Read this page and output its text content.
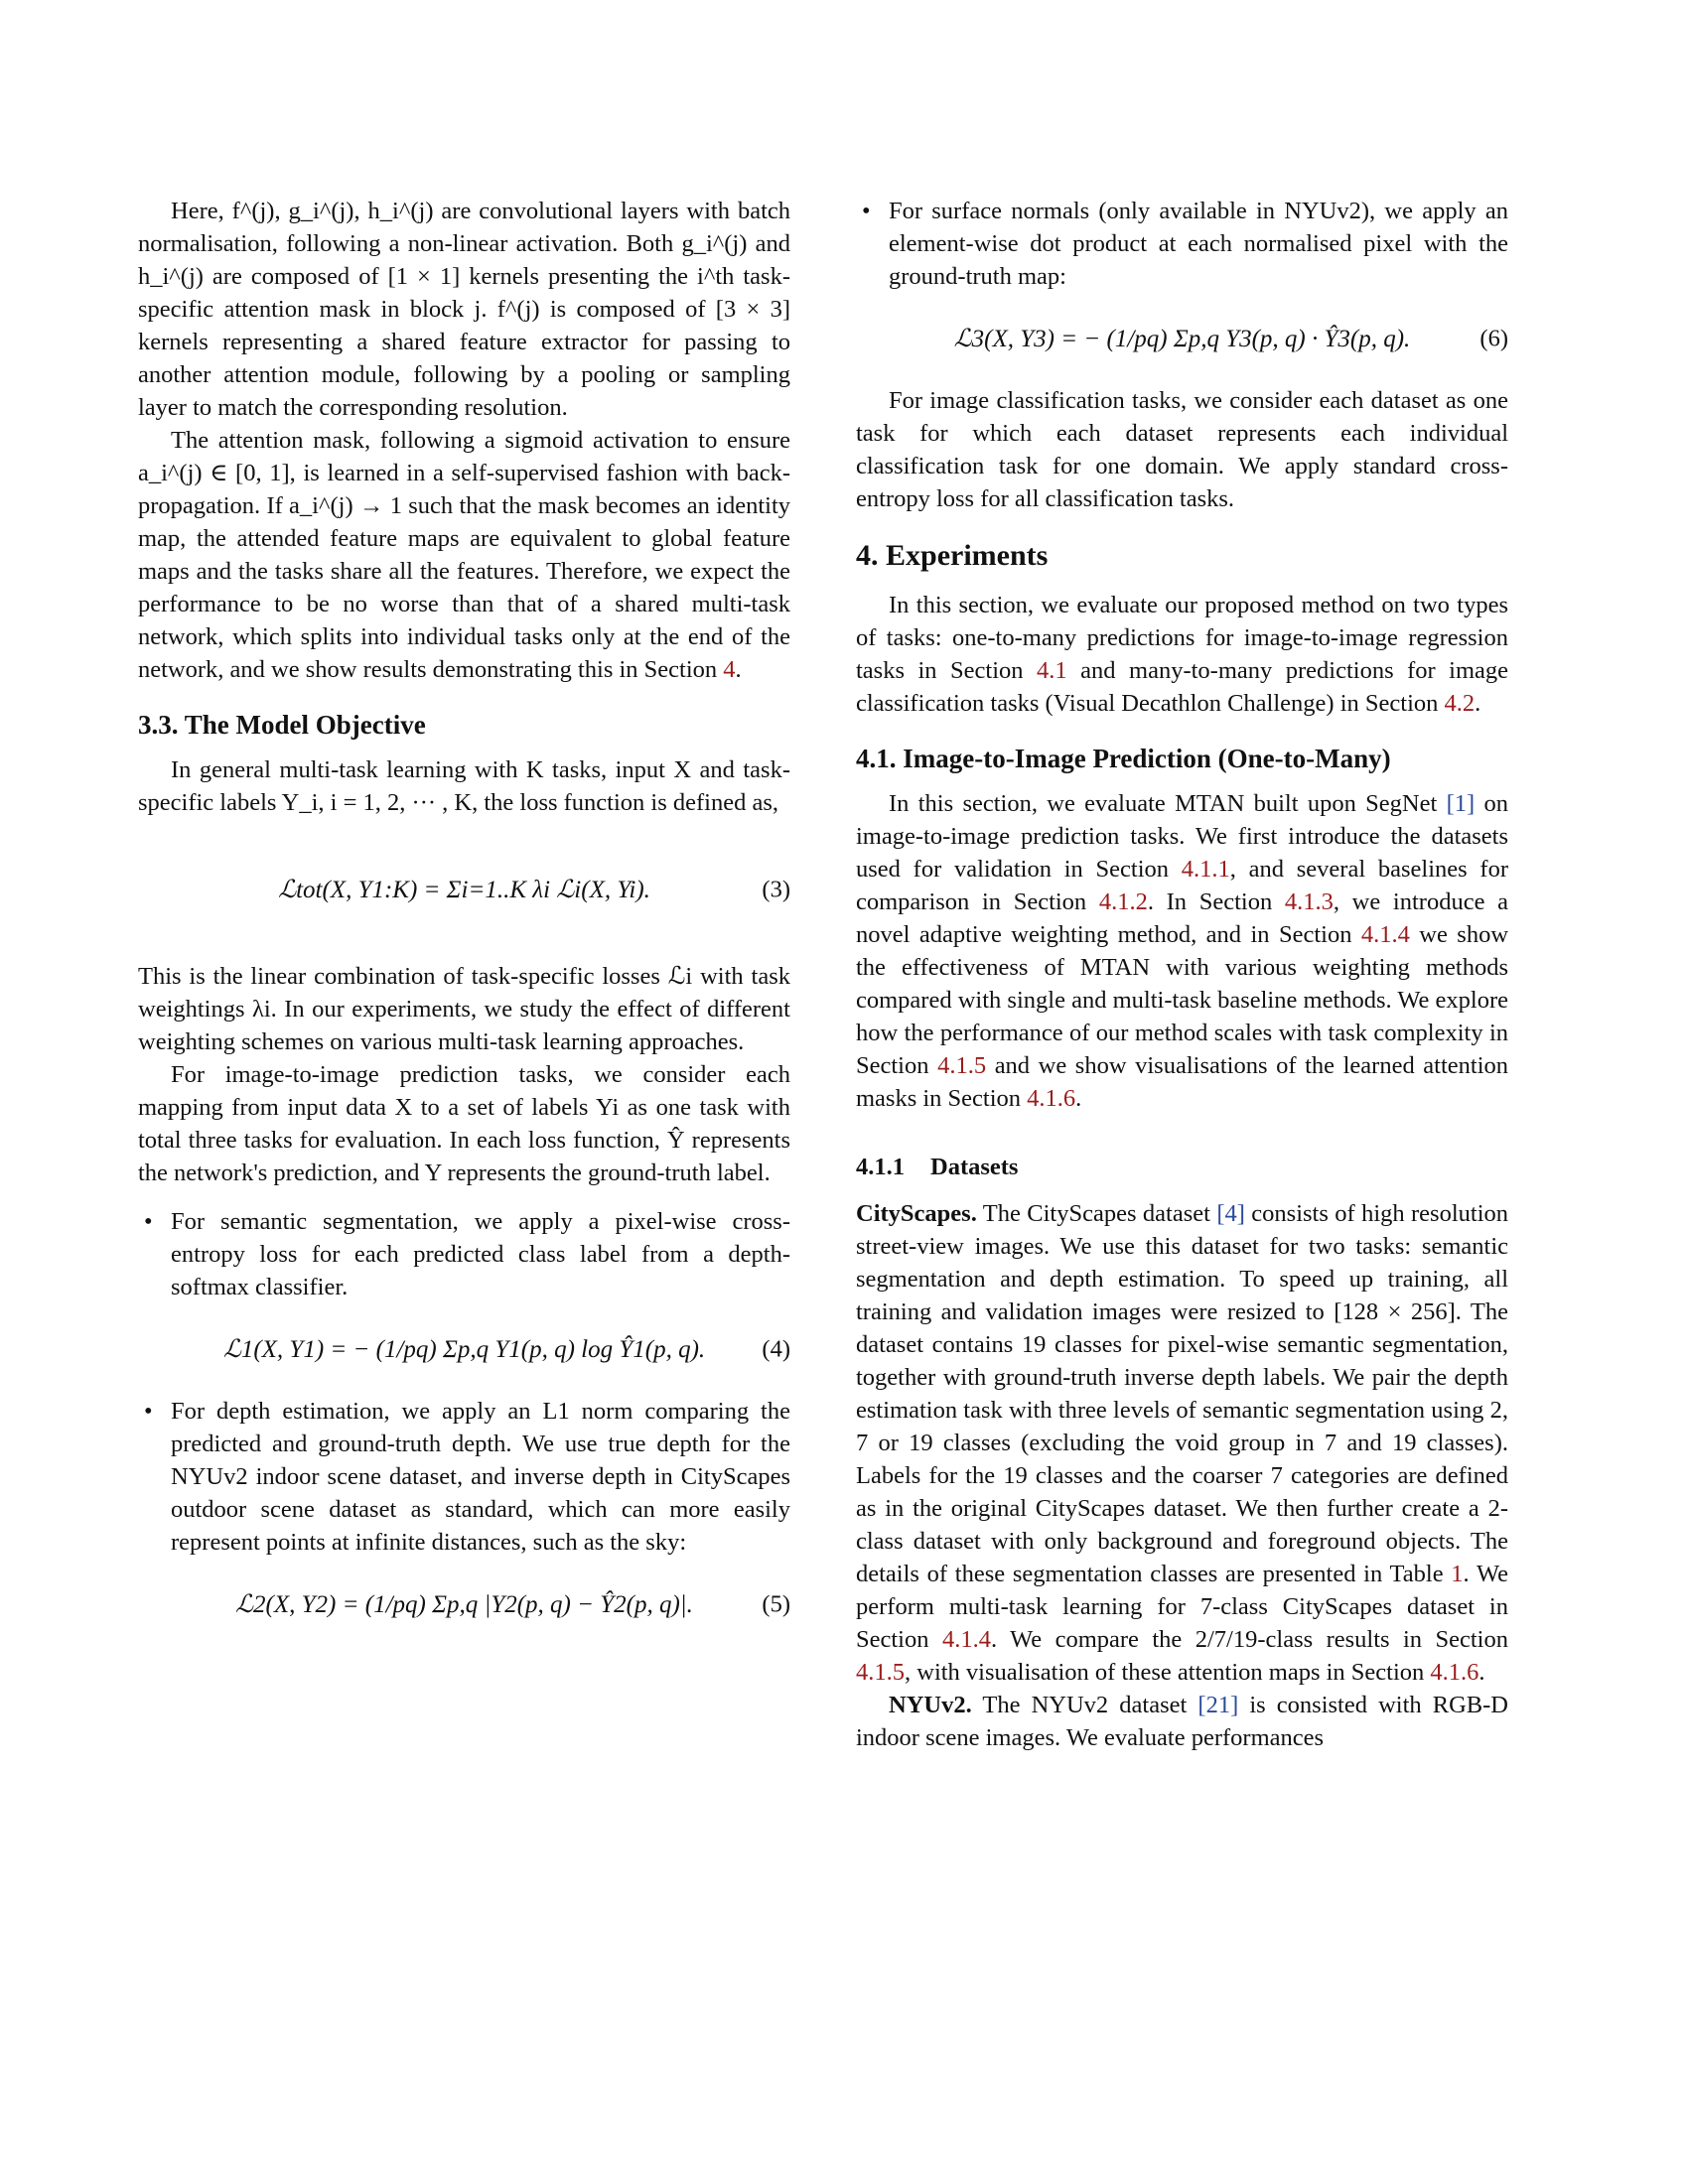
Here, f^(j), g_i^(j), h_i^(j) are convolutional layers with batch normalisation, following a non-linear activation. Both g_i^(j) and h_i^(j) are composed of [1 × 1] kernels presenting the i^th task-specific attention mask in block j. f^(j) is composed of [3 × 3] kernels representing a shared feature extractor for passing to another attention module, following by a pooling or sampling layer to match the corresponding resolution.

The attention mask, following a sigmoid activation to ensure a_i^(j) ∈ [0, 1], is learned in a self-supervised fashion with back-propagation. If a_i^(j) → 1 such that the mask becomes an identity map, the attended feature maps are equivalent to global feature maps and the tasks share all the features. Therefore, we expect the performance to be no worse than that of a shared multi-task network, which splits into individual tasks only at the end of the network, and we show results demonstrating this in Section 4.

3.3. The Model Objective

In general multi-task learning with K tasks, input X and task-specific labels Y_i, i = 1, 2, ··· , K, the loss function is defined as,

ℒtot(X, Y1:K) = Σi=1..K λi ℒi(X, Yi).	(3)

This is the linear combination of task-specific losses ℒi with task weightings λi. In our experiments, we study the effect of different weighting schemes on various multi-task learning approaches.

For image-to-image prediction tasks, we consider each mapping from input data X to a set of labels Yi as one task with total three tasks for evaluation. In each loss function, Ŷ represents the network's prediction, and Y represents the ground-truth label.

• For semantic segmentation, we apply a pixel-wise cross-entropy loss for each predicted class label from a depth-softmax classifier.
ℒ1(X, Y1) = − (1/pq) Σp,q Y1(p, q) log Ŷ1(p, q). (4)
• For depth estimation, we apply an L1 norm comparing the predicted and ground-truth depth. We use true depth for the NYUv2 indoor scene dataset, and inverse depth in CityScapes outdoor scene dataset as standard, which can more easily represent points at infinite distances, such as the sky:
ℒ2(X, Y2) = (1/pq) Σp,q |Y2(p, q) − Ŷ2(p, q)|.	(5)
• For surface normals (only available in NYUv2), we apply an element-wise dot product at each normalised pixel with the ground-truth map:
ℒ3(X, Y3) = − (1/pq) Σp,q Y3(p, q) · Ŷ3(p, q).	(6)

For image classification tasks, we consider each dataset as one task for which each dataset represents each individual classification task for one domain. We apply standard cross-entropy loss for all classification tasks.

4. Experiments

In this section, we evaluate our proposed method on two types of tasks: one-to-many predictions for image-to-image regression tasks in Section 4.1 and many-to-many predictions for image classification tasks (Visual Decathlon Challenge) in Section 4.2.

4.1. Image-to-Image Prediction (One-to-Many)

In this section, we evaluate MTAN built upon SegNet [1] on image-to-image prediction tasks. We first introduce the datasets used for validation in Section 4.1.1, and several baselines for comparison in Section 4.1.2. In Section 4.1.3, we introduce a novel adaptive weighting method, and in Section 4.1.4 we show the effectiveness of MTAN with various weighting methods compared with single and multi-task baseline methods. We explore how the performance of our method scales with task complexity in Section 4.1.5 and we show visualisations of the learned attention masks in Section 4.1.6.

4.1.1 Datasets

CityScapes. The CityScapes dataset [4] consists of high resolution street-view images. We use this dataset for two tasks: semantic segmentation and depth estimation. To speed up training, all training and validation images were resized to [128 × 256]. The dataset contains 19 classes for pixel-wise semantic segmentation, together with ground-truth inverse depth labels. We pair the depth estimation task with three levels of semantic segmentation using 2, 7 or 19 classes (excluding the void group in 7 and 19 classes). Labels for the 19 classes and the coarser 7 categories are defined as in the original CityScapes dataset. We then further create a 2-class dataset with only background and foreground objects. The details of these segmentation classes are presented in Table 1. We perform multi-task learning for 7-class CityScapes dataset in Section 4.1.4. We compare the 2/7/19-class results in Section 4.1.5, with visualisation of these attention maps in Section 4.1.6.

NYUv2. The NYUv2 dataset [21] is consisted with RGB-D indoor scene images. We evaluate performances
